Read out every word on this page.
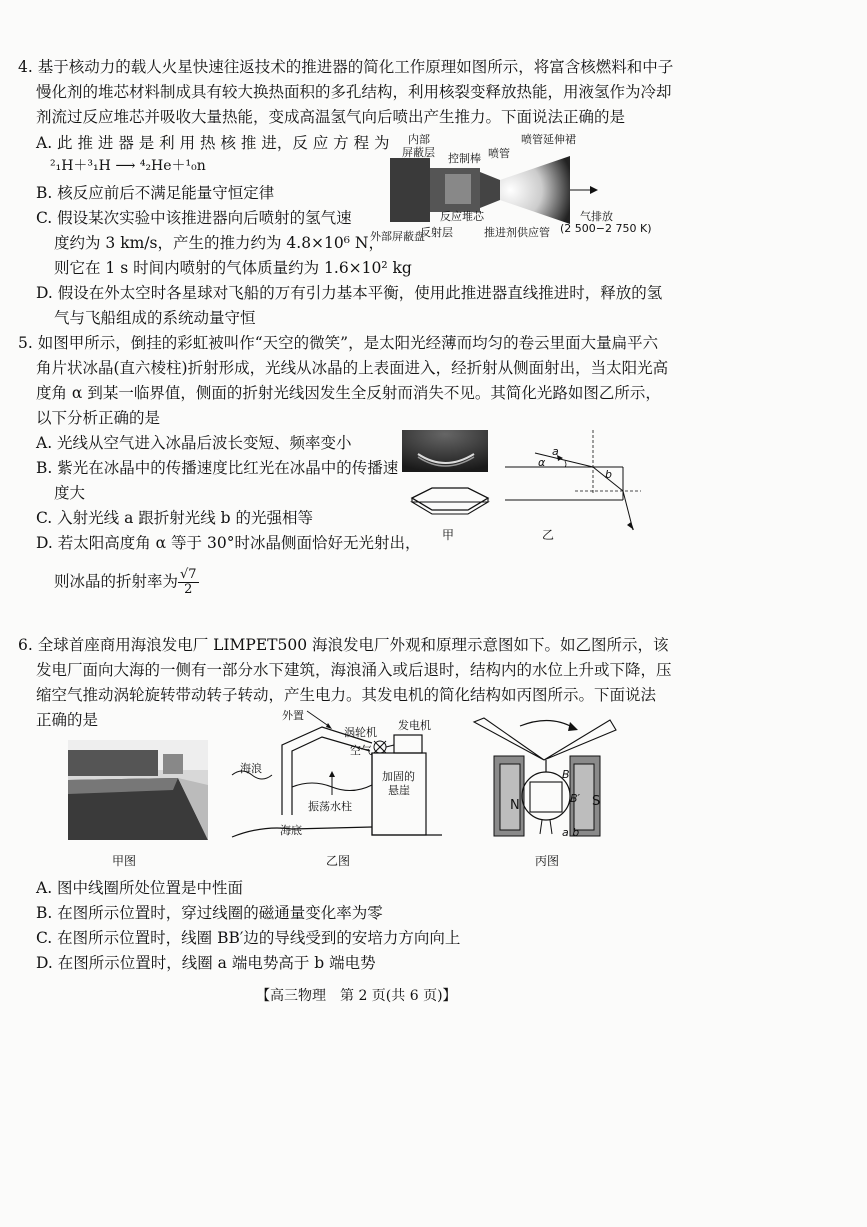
4. 基于核动力的载人火星快速往返技术的推进器的简化工作原理如图所示，将富含核燃料和中子
慢化剂的堆芯材料制成具有较大换热面积的多孔结构，利用核裂变释放热能，用液氢作为冷却
剂流过反应堆芯并吸收大量热能，变成高温氢气向后喷出产生推力。下面说法正确的是
A. 此 推 进 器 是 利 用 热 核 推 进，反 应 方 程 为
²₁H＋³₁H ⟶ ⁴₂He＋¹₀n
B. 核反应前后不满足能量守恒定律
C. 假设某次实验中该推进器向后喷射的氢气速
度约为 3 km/s，产生的推力约为 4.8×10⁶ N，
则它在 1 s 时间内喷射的气体质量约为 1.6×10² kg
D. 假设在外太空时各星球对飞船的万有引力基本平衡，使用此推进器直线推进时，释放的氢
气与飞船组成的系统动量守恒
内部
屏蔽层 控制棒 喷管
喷管延伸裙
外部屏蔽盘
反射层
反应堆芯
推进剂供应管
气排放
(2 500−2 750 K)
5. 如图甲所示，倒挂的彩虹被叫作“天空的微笑”，是太阳光经薄而均匀的卷云里面大量扁平六
角片状冰晶(直六棱柱)折射形成，光线从冰晶的上表面进入，经折射从侧面射出，当太阳光高
度角 α 到某一临界值，侧面的折射光线因发生全反射而消失不见。其简化光路如图乙所示，
以下分析正确的是
A. 光线从空气进入冰晶后波长变短、频率变小
B. 紫光在冰晶中的传播速度比红光在冰晶中的传播速
度大
C. 入射光线 a 跟折射光线 b 的光强相等
D. 若太阳高度角 α 等于 30°时冰晶侧面恰好无光射出，
则冰晶的折射率为 $\frac{√7}{2}$
甲
a
α
b
乙
6. 全球首座商用海浪发电厂 LIMPET500 海浪发电厂外观和原理示意图如下。如乙图所示，该
发电厂面向大海的一侧有一部分水下建筑，海浪涌入或后退时，结构内的水位上升或下降，压
缩空气推动涡轮旋转带动转子转动，产生电力。其发电机的简化结构如丙图所示。下面说法
正确的是
甲图
外置
涡轮机
发电机
空气
海浪
加固的
悬崖
振荡水柱
海底
乙图
N	S
B
B′
a b
丙图
A. 图中线圈所处位置是中性面
B. 在图所示位置时，穿过线圈的磁通量变化率为零
C. 在图所示位置时，线圈 BB′边的导线受到的安培力方向向上
D. 在图所示位置时，线圈 a 端电势高于 b 端电势
【高三物理　第 2 页(共 6 页)】
